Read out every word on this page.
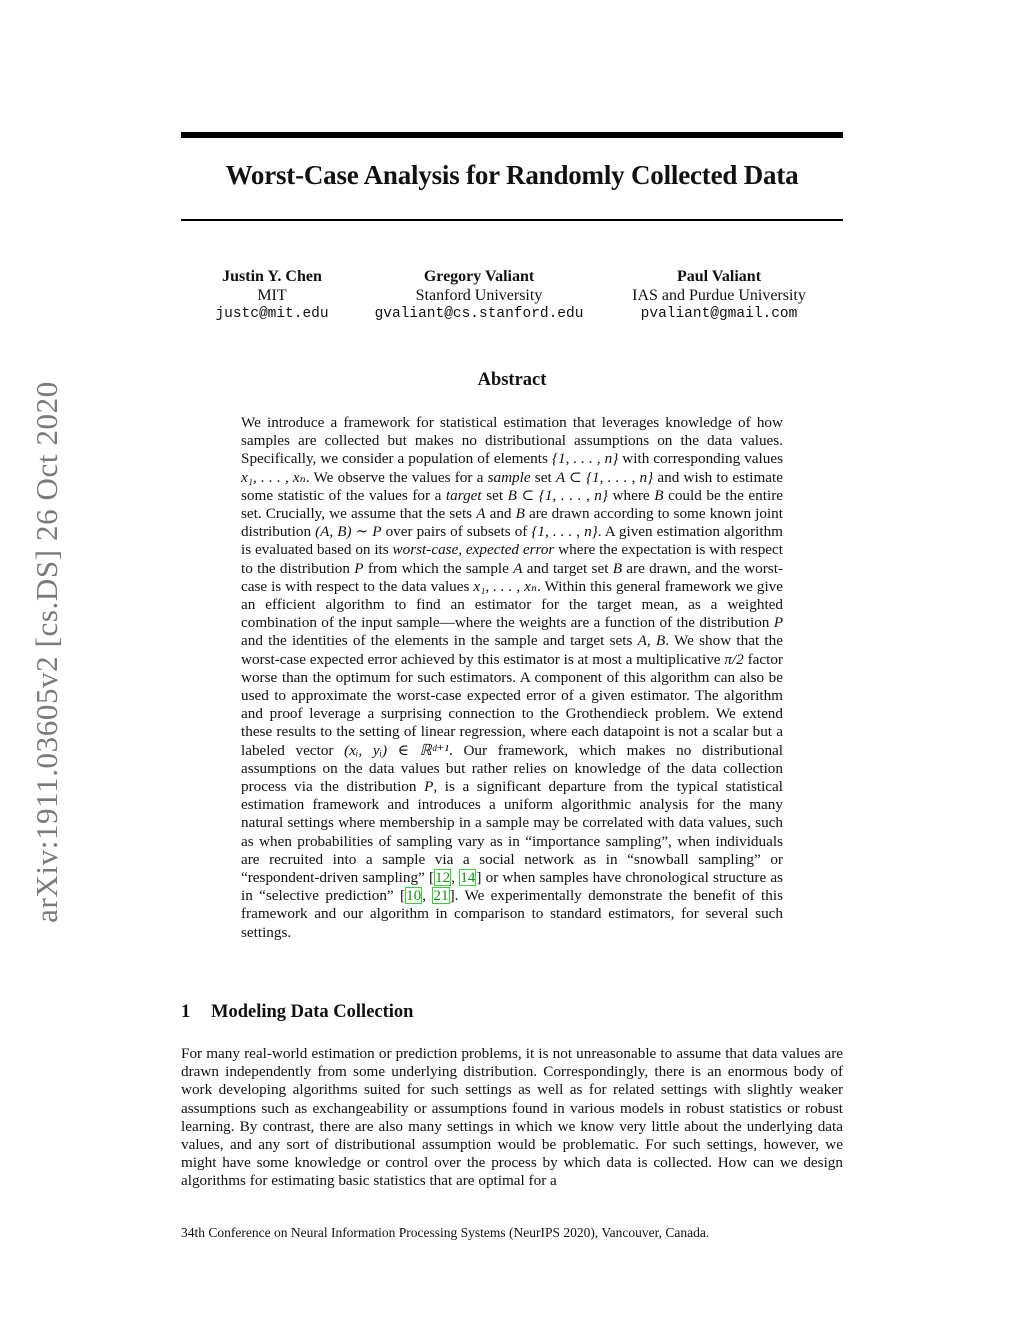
arXiv:1911.03605v2 [cs.DS] 26 Oct 2020
Worst-Case Analysis for Randomly Collected Data
Justin Y. Chen
MIT
justc@mit.edu
Gregory Valiant
Stanford University
gvaliant@cs.stanford.edu
Paul Valiant
IAS and Purdue University
pvaliant@gmail.com
Abstract
We introduce a framework for statistical estimation that leverages knowledge of how samples are collected but makes no distributional assumptions on the data values. Specifically, we consider a population of elements {1, . . . , n} with corresponding values x₁, . . . , xₙ. We observe the values for a sample set A ⊂ {1, . . . , n} and wish to estimate some statistic of the values for a target set B ⊂ {1, . . . , n} where B could be the entire set. Crucially, we assume that the sets A and B are drawn according to some known joint distribution (A, B) ∼ P over pairs of subsets of {1, . . . , n}. A given estimation algorithm is evaluated based on its worst-case, expected error where the expectation is with respect to the distribution P from which the sample A and target set B are drawn, and the worst-case is with respect to the data values x₁, . . . , xₙ. Within this general framework we give an efficient algorithm to find an estimator for the target mean, as a weighted combination of the input sample—where the weights are a function of the distribution P and the identities of the elements in the sample and target sets A, B. We show that the worst-case expected error achieved by this estimator is at most a multiplicative π/2 factor worse than the optimum for such estimators. A component of this algorithm can also be used to approximate the worst-case expected error of a given estimator. The algorithm and proof leverage a surprising connection to the Grothendieck problem. We extend these results to the setting of linear regression, where each datapoint is not a scalar but a labeled vector (xᵢ, yᵢ) ∈ ℝᵈ⁺¹. Our framework, which makes no distributional assumptions on the data values but rather relies on knowledge of the data collection process via the distribution P, is a significant departure from the typical statistical estimation framework and introduces a uniform algorithmic analysis for the many natural settings where membership in a sample may be correlated with data values, such as when probabilities of sampling vary as in “importance sampling”, when individuals are recruited into a sample via a social network as in “snowball sampling” or “respondent-driven sampling” [12, 14] or when samples have chronological structure as in “selective prediction” [10, 21]. We experimentally demonstrate the benefit of this framework and our algorithm in comparison to standard estimators, for several such settings.
1 Modeling Data Collection
For many real-world estimation or prediction problems, it is not unreasonable to assume that data values are drawn independently from some underlying distribution. Correspondingly, there is an enormous body of work developing algorithms suited for such settings as well as for related settings with slightly weaker assumptions such as exchangeability or assumptions found in various models in robust statistics or robust learning. By contrast, there are also many settings in which we know very little about the underlying data values, and any sort of distributional assumption would be problematic. For such settings, however, we might have some knowledge or control over the process by which data is collected. How can we design algorithms for estimating basic statistics that are optimal for a
34th Conference on Neural Information Processing Systems (NeurIPS 2020), Vancouver, Canada.
